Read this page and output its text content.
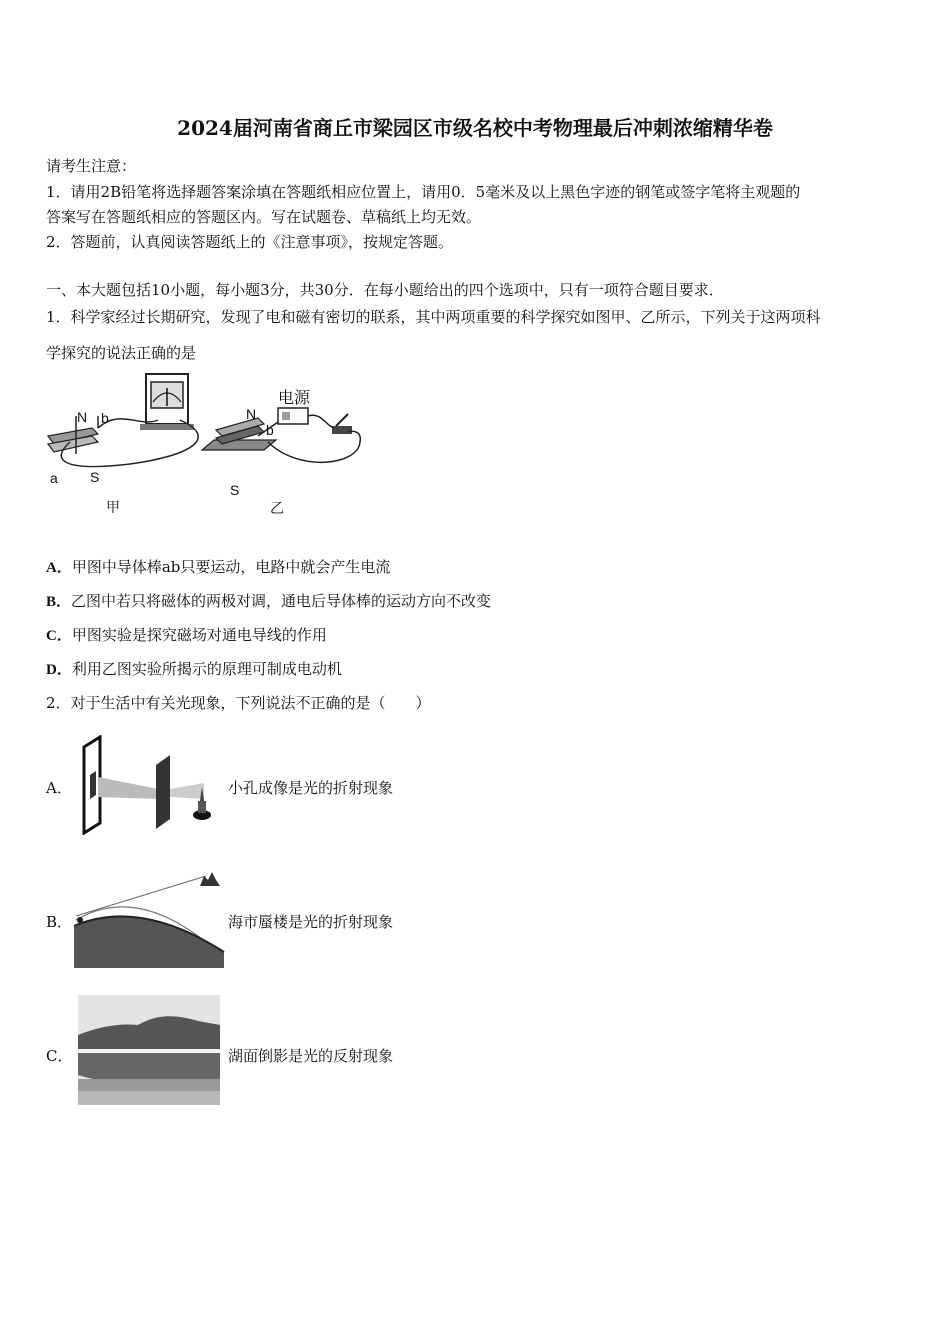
2024届河南省商丘市梁园区市级名校中考物理最后冲刺浓缩精华卷
请考生注意：
1．请用2B铅笔将选择题答案涂填在答题纸相应位置上，请用0．5毫米及以上黑色字迹的钢笔或签字笔将主观题的
答案写在答题纸相应的答题区内。写在试题卷、草稿纸上均无效。
2．答题前，认真阅读答题纸上的《注意事项》，按规定答题。
一、本大题包括10小题，每小题3分，共30分．在每小题给出的四个选项中，只有一项符合题目要求．
1．科学家经过长期研究，发现了电和磁有密切的联系，其中两项重要的科学探究如图甲、乙所示，下列关于这两项科
学探究的说法正确的是
N b
a S
甲
电源
N
b
S
乙
A．甲图中导体棒ab只要运动，电路中就会产生电流
B．乙图中若只将磁体的两极对调，通电后导体棒的运动方向不改变
C．甲图实验是探究磁场对通电导线的作用
D．利用乙图实验所揭示的原理可制成电动机
2．对于生活中有关光现象，下列说法不正确的是（　　）
A．	小孔成像是光的折射现象
B．	海市蜃楼是光的折射现象
C．	湖面倒影是光的反射现象
